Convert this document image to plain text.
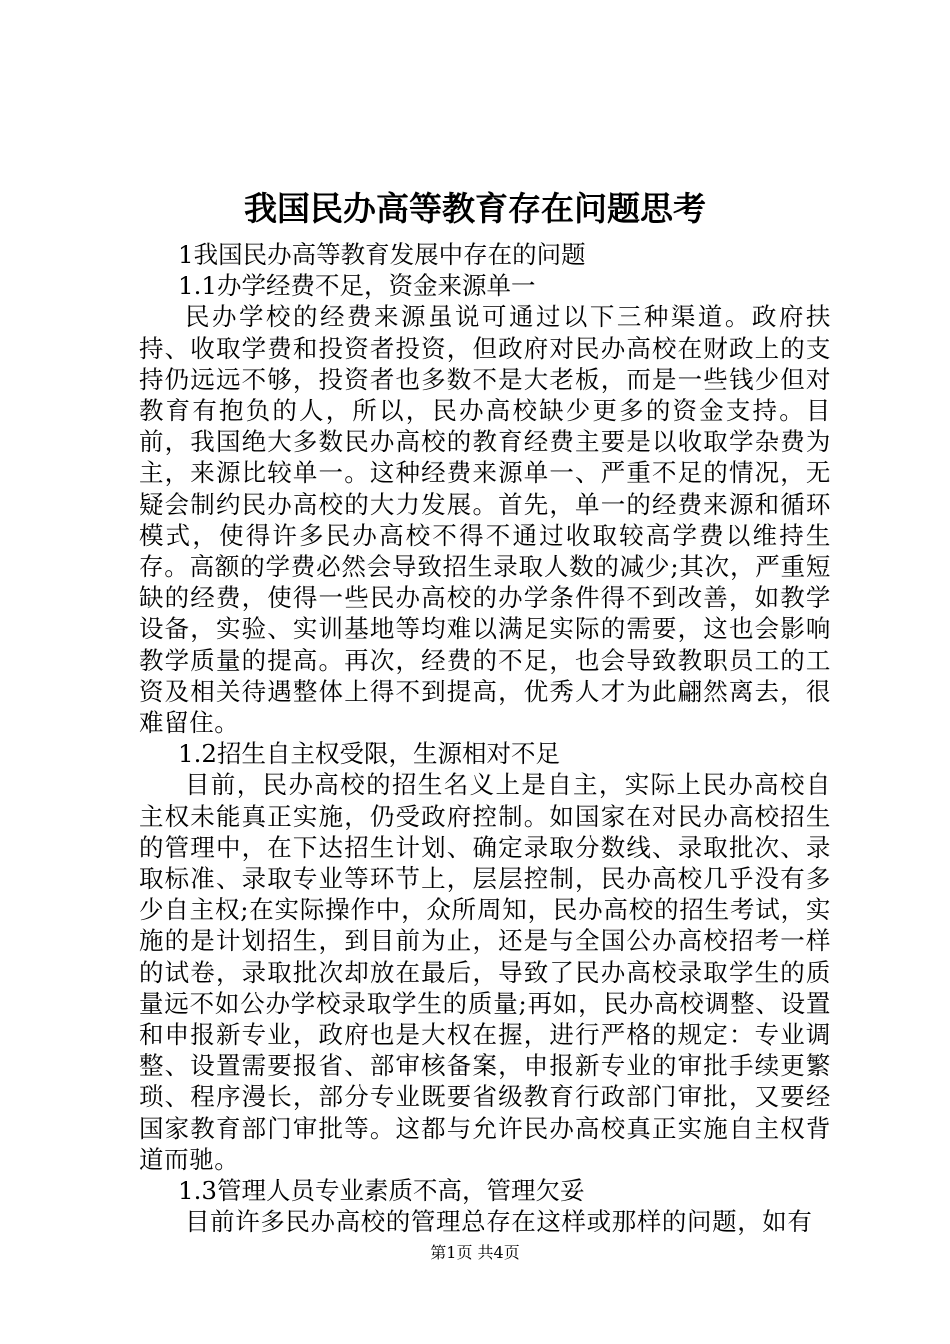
我国民办高等教育存在问题思考

1我国民办高等教育发展中存在的问题

1.1办学经费不足，资金来源单一

民办学校的经费来源虽说可通过以下三种渠道。政府扶持、收取学费和投资者投资，但政府对民办高校在财政上的支持仍远远不够，投资者也多数不是大老板，而是一些钱少但对教育有抱负的人，所以，民办高校缺少更多的资金支持。目前，我国绝大多数民办高校的教育经费主要是以收取学杂费为主，来源比较单一。这种经费来源单一、严重不足的情况，无疑会制约民办高校的大力发展。首先，单一的经费来源和循环模式，使得许多民办高校不得不通过收取较高学费以维持生存。高额的学费必然会导致招生录取人数的减少;其次，严重短缺的经费，使得一些民办高校的办学条件得不到改善，如教学设备，实验、实训基地等均难以满足实际的需要，这也会影响教学质量的提高。再次，经费的不足，也会导致教职员工的工资及相关待遇整体上得不到提高，优秀人才为此翩然离去，很难留住。

1.2招生自主权受限，生源相对不足

目前，民办高校的招生名义上是自主，实际上民办高校自主权未能真正实施，仍受政府控制。如国家在对民办高校招生的管理中，在下达招生计划、确定录取分数线、录取批次、录取标准、录取专业等环节上，层层控制，民办高校几乎没有多少自主权;在实际操作中，众所周知，民办高校的招生考试，实施的是计划招生，到目前为止，还是与全国公办高校招考一样的试卷，录取批次却放在最后，导致了民办高校录取学生的质量远不如公办学校录取学生的质量;再如，民办高校调整、设置和申报新专业，政府也是大权在握，进行严格的规定：专业调整、设置需要报省、部审核备案，申报新专业的审批手续更繁琐、程序漫长，部分专业既要省级教育行政部门审批，又要经国家教育部门审批等。这都与允许民办高校真正实施自主权背道而驰。

1.3管理人员专业素质不高，管理欠妥

目前许多民办高校的管理总存在这样或那样的问题，如有

第1页 共4页
